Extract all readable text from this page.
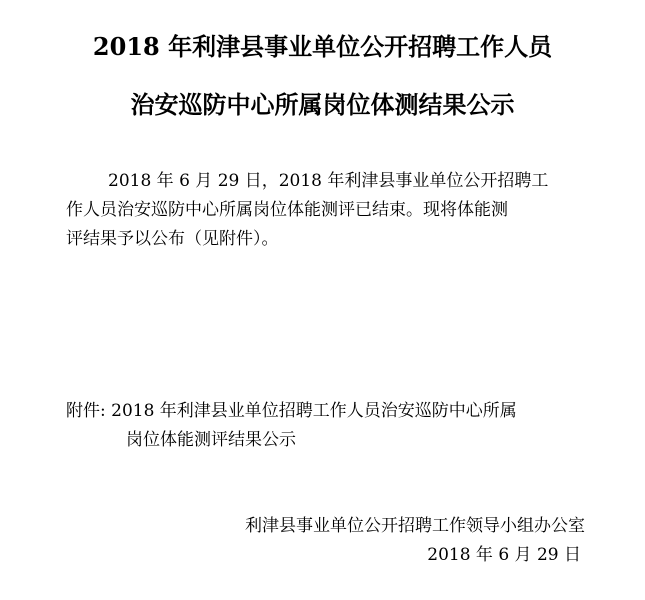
2018 年利津县事业单位公开招聘工作人员
治安巡防中心所属岗位体测结果公示
2018 年 6 月 29 日，2018 年利津县事业单位公开招聘工
作人员治安巡防中心所属岗位体能测评已结束。现将体能测
评结果予以公布（见附件）。
附件: 2018 年利津县业单位招聘工作人员治安巡防中心所属
岗位体能测评结果公示
利津县事业单位公开招聘工作领导小组办公室
2018 年 6 月 29 日
